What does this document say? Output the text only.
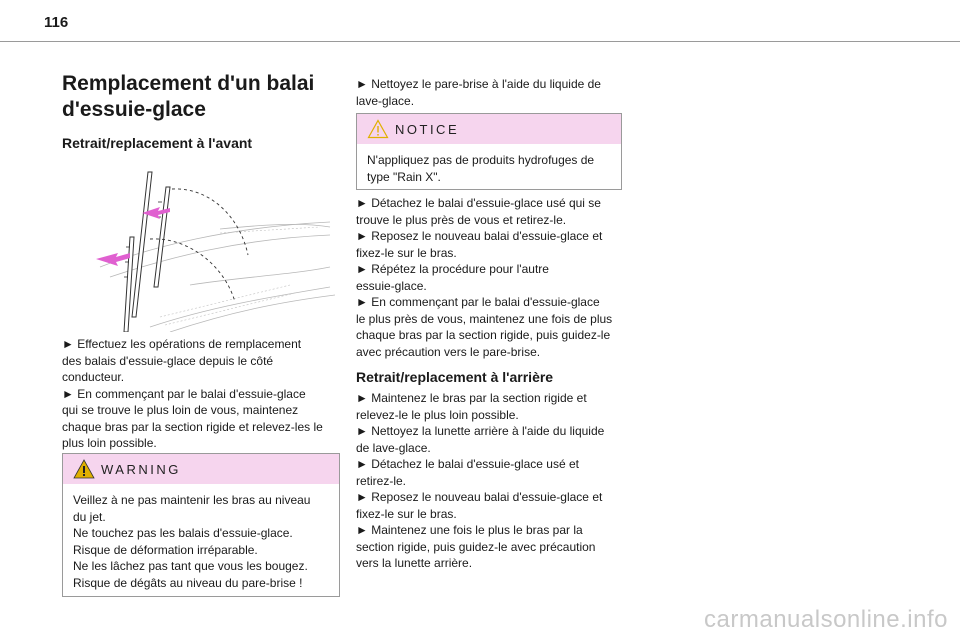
116
Remplacement d'un balai
d'essuie-glace
Retrait/replacement à l'avant

► Effectuez les opérations de remplacement
des balais d'essuie-glace depuis le côté
conducteur.
► En commençant par le balai d'essuie-glace
qui se trouve le plus loin de vous, maintenez
chaque bras par la section rigide et relevez-les le
plus loin possible.

WARNING
Veillez à ne pas maintenir les bras au niveau
du jet.
Ne touchez pas les balais d'essuie-glace.
Risque de déformation irréparable.
Ne les lâchez pas tant que vous les bougez.
Risque de dégâts au niveau du pare-brise !

► Nettoyez le pare-brise à l'aide du liquide de
lave-glace.

NOTICE
N'appliquez pas de produits hydrofuges de
type "Rain X".

► Détachez le balai d'essuie-glace usé qui se
trouve le plus près de vous et retirez-le.
► Reposez le nouveau balai d'essuie-glace et
fixez-le sur le bras.
► Répétez la procédure pour l'autre
essuie-glace.
► En commençant par le balai d'essuie-glace
le plus près de vous, maintenez une fois de plus
chaque bras par la section rigide, puis guidez-le
avec précaution vers le pare-brise.

Retrait/replacement à l'arrière

► Maintenez le bras par la section rigide et
relevez-le le plus loin possible.
► Nettoyez la lunette arrière à l'aide du liquide
de lave-glace.
► Détachez le balai d'essuie-glace usé et
retirez-le.
► Reposez le nouveau balai d'essuie-glace et
fixez-le sur le bras.
► Maintenez une fois le plus le bras par la
section rigide, puis guidez-le avec précaution
vers la lunette arrière.

carmanualsonline.info
